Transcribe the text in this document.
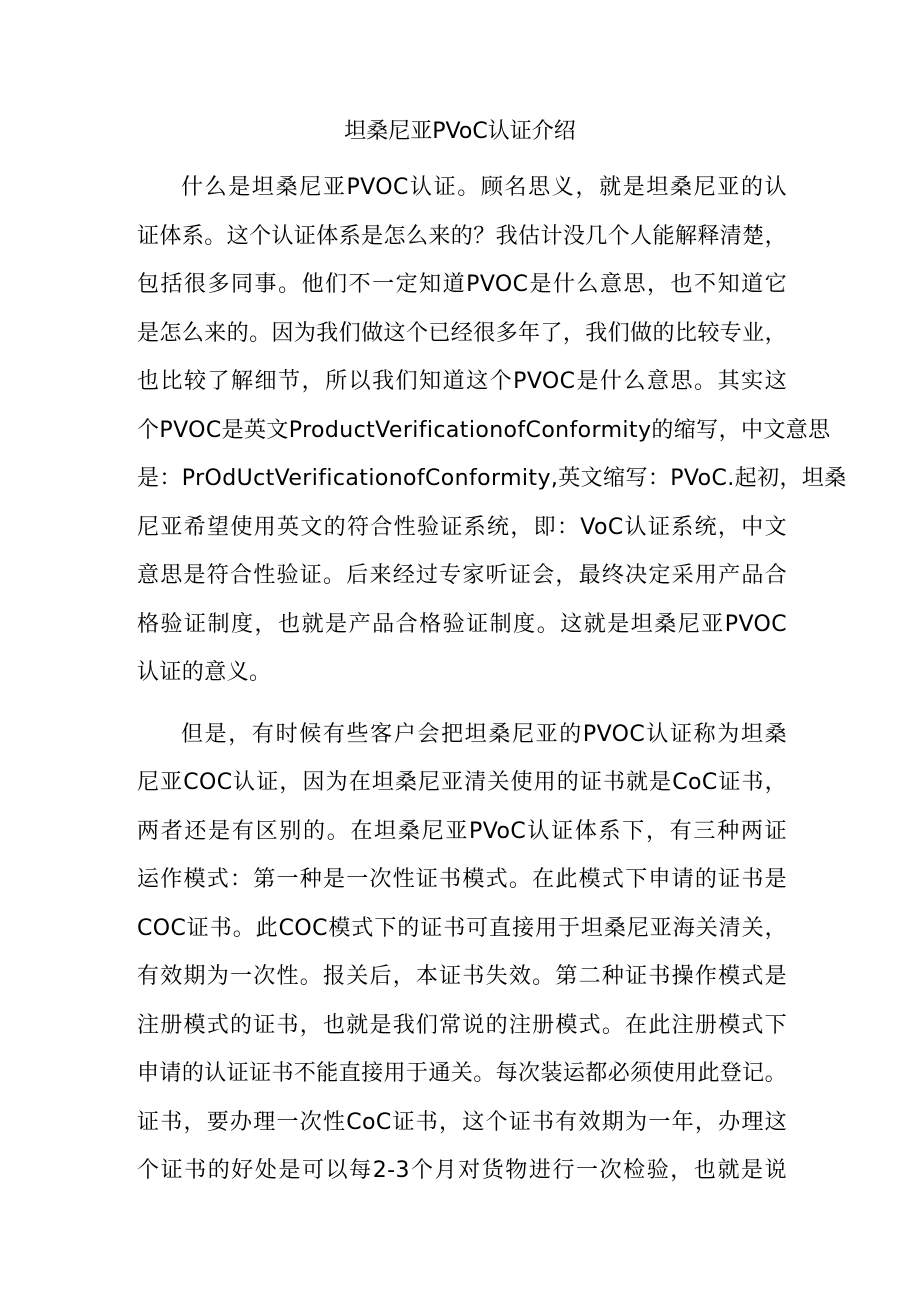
坦桑尼亚PVoC认证介绍
什么是坦桑尼亚PVOC认证。顾名思义，就是坦桑尼亚的认
证体系。这个认证体系是怎么来的？我估计没几个人能解释清楚，
包括很多同事。他们不一定知道PVOC是什么意思，也不知道它
是怎么来的。因为我们做这个已经很多年了，我们做的比较专业，
也比较了解细节，所以我们知道这个PVOC是什么意思。其实这
个PVOC是英文ProductVerificationofConformity的缩写，中文意思
是：PrOdUctVerificationofConformity,英文缩写：PVoC.起初，坦桑
尼亚希望使用英文的符合性验证系统，即：VoC认证系统，中文
意思是符合性验证。后来经过专家听证会，最终决定采用产品合
格验证制度，也就是产品合格验证制度。这就是坦桑尼亚PVOC
认证的意义。
但是，有时候有些客户会把坦桑尼亚的PVOC认证称为坦桑
尼亚COC认证，因为在坦桑尼亚清关使用的证书就是CoC证书，
两者还是有区别的。在坦桑尼亚PVoC认证体系下，有三种两证
运作模式：第一种是一次性证书模式。在此模式下申请的证书是
COC证书。此COC模式下的证书可直接用于坦桑尼亚海关清关，
有效期为一次性。报关后，本证书失效。第二种证书操作模式是
注册模式的证书，也就是我们常说的注册模式。在此注册模式下
申请的认证证书不能直接用于通关。每次装运都必须使用此登记。
证书，要办理一次性CoC证书，这个证书有效期为一年，办理这
个证书的好处是可以每2-3个月对货物进行一次检验，也就是说
